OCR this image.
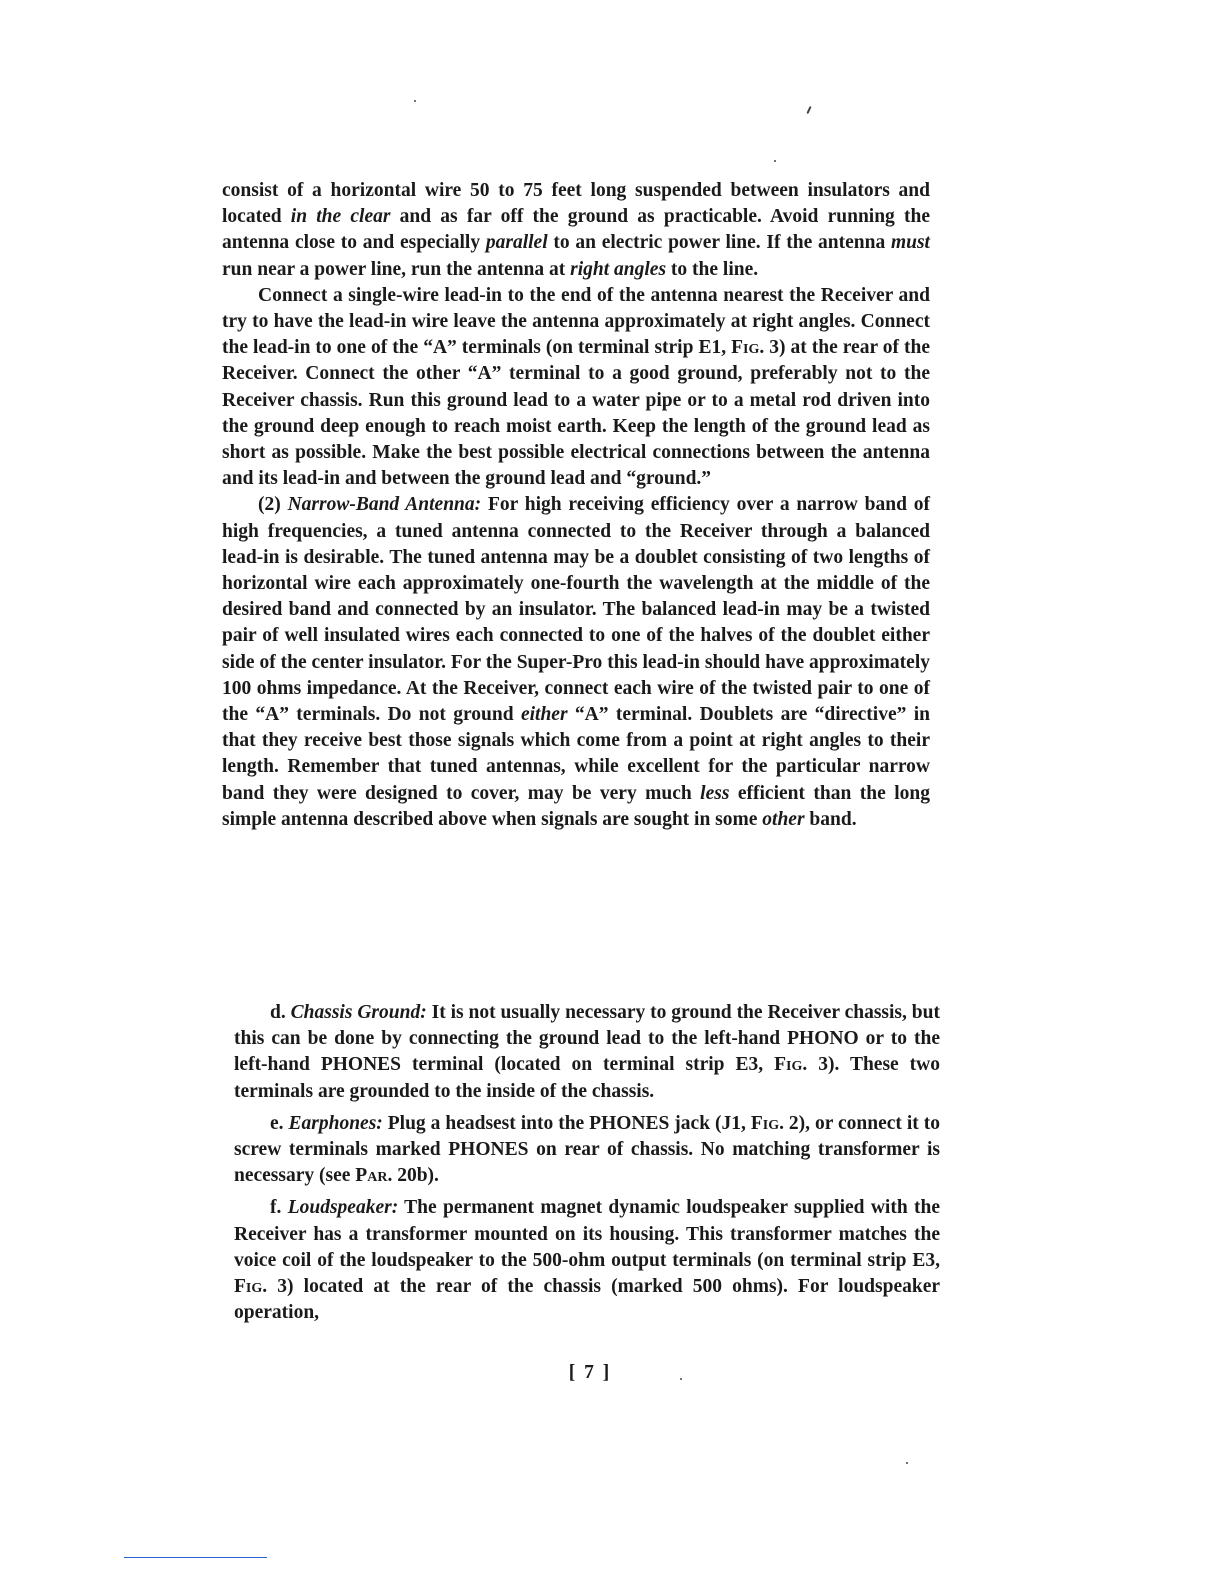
consist of a horizontal wire 50 to 75 feet long suspended between insulators and located in the clear and as far off the ground as practicable. Avoid running the antenna close to and especially parallel to an electric power line. If the antenna must run near a power line, run the antenna at right angles to the line.

Connect a single-wire lead-in to the end of the antenna nearest the Receiver and try to have the lead-in wire leave the antenna approximately at right angles. Connect the lead-in to one of the “A” terminals (on terminal strip E1, Fig. 3) at the rear of the Receiver. Connect the other “A” terminal to a good ground, preferably not to the Receiver chassis. Run this ground lead to a water pipe or to a metal rod driven into the ground deep enough to reach moist earth. Keep the length of the ground lead as short as possible. Make the best possible electrical connections between the antenna and its lead-in and between the ground lead and “ground.”

(2) Narrow-Band Antenna: For high receiving efficiency over a narrow band of high frequencies, a tuned antenna connected to the Receiver through a balanced lead-in is desirable. The tuned antenna may be a doublet consisting of two lengths of horizontal wire each approximately one-fourth the wavelength at the middle of the desired band and connected by an insulator. The balanced lead-in may be a twisted pair of well insulated wires each connected to one of the halves of the doublet either side of the center insulator. For the Super-Pro this lead-in should have approximately 100 ohms impedance. At the Receiver, connect each wire of the twisted pair to one of the “A” terminals. Do not ground either “A” terminal. Doublets are “directive” in that they receive best those signals which come from a point at right angles to their length. Remember that tuned antennas, while excellent for the particular narrow band they were designed to cover, may be very much less efficient than the long simple antenna described above when signals are sought in some other band.

d. Chassis Ground: It is not usually necessary to ground the Receiver chassis, but this can be done by connecting the ground lead to the left-hand PHONO or to the left-hand PHONES terminal (located on terminal strip E3, Fig. 3). These two terminals are grounded to the inside of the chassis.

e. Earphones: Plug a headsest into the PHONES jack (J1, Fig. 2), or connect it to screw terminals marked PHONES on rear of chassis. No matching transformer is necessary (see Par. 20b).

f. Loudspeaker: The permanent magnet dynamic loudspeaker supplied with the Receiver has a transformer mounted on its housing. This transformer matches the voice coil of the loudspeaker to the 500-ohm output terminals (on terminal strip E3, Fig. 3) located at the rear of the chassis (marked 500 ohms). For loudspeaker operation,

[ 7 ]
